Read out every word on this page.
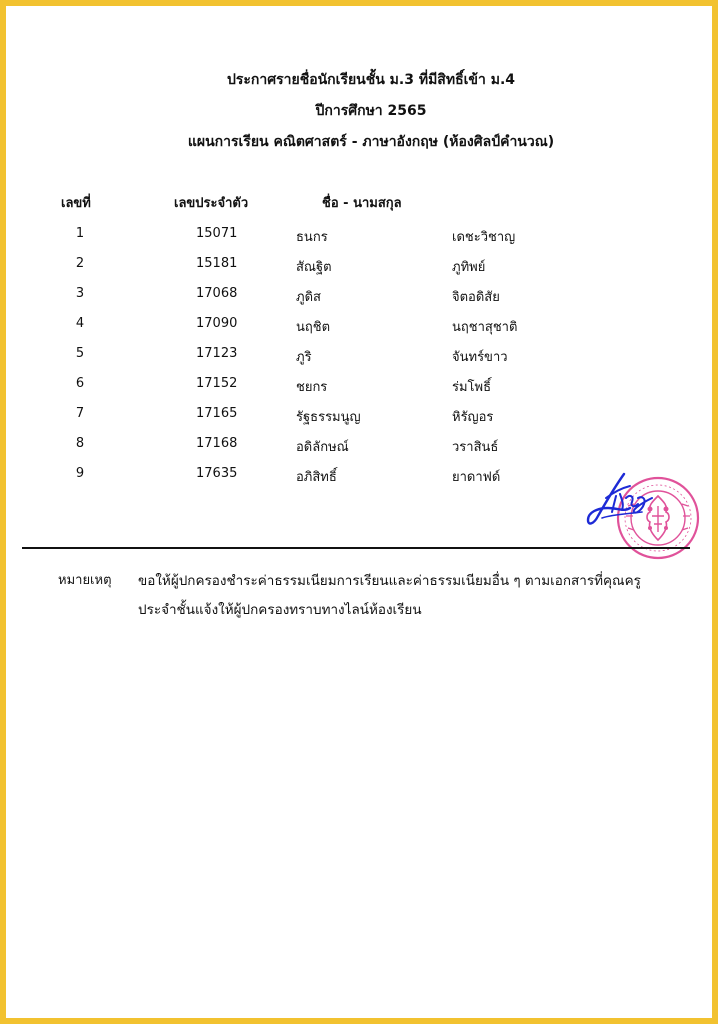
ประกาศรายชื่อนักเรียนชั้น ม.3 ที่มีสิทธิ์เข้า ม.4
ปีการศึกษา 2565
แผนการเรียน คณิตศาสตร์ - ภาษาอังกฤษ (ห้องศิลป์คำนวณ)
เลขที่	เลขประจำตัว	ชื่อ - นามสกุล
1	15071	ธนกร	เดชะวิชาญ
2	15181	สัณฐิต	ภูทิพย์
3	17068	ภูดิส	จิตอดิสัย
4	17090	นฤชิต	นฤชาสุชาติ
5	17123	ภูริ	จันทร์ขาว
6	17152	ชยกร	ร่มโพธิ์
7	17165	รัฐธรรมนูญ	หิรัญอร
8	17168	อดิลักษณ์	วราสินธ์
9	17635	อภิสิทธิ์	ยาดาฟด์
หมายเหตุ ขอให้ผู้ปกครองชำระค่าธรรมเนียมการเรียนและค่าธรรมเนียมอื่น ๆ ตามเอกสารที่คุณครู
ประจำชั้นแจ้งให้ผู้ปกครองทราบทางไลน์ห้องเรียน
